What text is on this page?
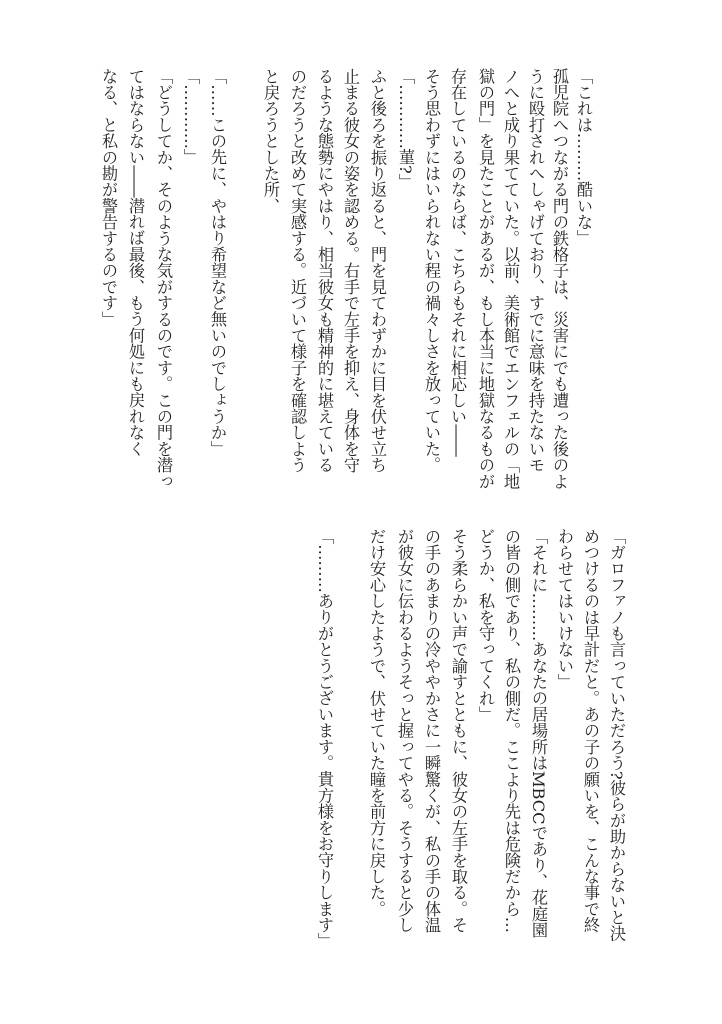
「これは………酷いな」
孤児院へつながる門の鉄格子は、災害にでも遭った後のよ
うに殴打されへしゃげており、すでに意味を持たないモ
ノへと成り果てていた。以前、美術館でエンフェルの「地
獄の門」を見たことがあるが、もし本当に地獄なるものが
存在しているのならば、こちらもそれに相応しい――
そう思わずにはいられない程の禍々しさを放っていた。
「…………菫?」
ふと後ろを振り返ると、門を見てわずかに目を伏せ立ち
止まる彼女の姿を認める。右手で左手を抑え、身体を守
るような態勢にやはり、相当彼女も精神的に堪えている
のだろうと改めて実感する。近づいて様子を確認しよう
と戻ろうとした所、
「……この先に、やはり希望など無いのでしょうか」
「…………」
「どうしてか、そのような気がするのです。この門を潜っ
てはならない――潜れば最後、もう何処にも戻れなく
なる、と私の勘が警告するのです」
「ガロファノも言っていただろう?彼らが助からないと決
めつけるのは早計だと。あの子の願いを、こんな事で終
わらせてはいけない」
「それに………あなたの居場所はMBCCであり、花庭園
の皆の側であり、私の側だ。ここより先は危険だから…
どうか、私を守ってくれ」
そう柔らかい声で諭すとともに、彼女の左手を取る。そ
の手のあまりの冷ややかさに一瞬驚くが、私の手の体温
が彼女に伝わるようそっと握ってやる。そうすると少し
だけ安心したようで、伏せていた瞳を前方に戻した。
「………ありがとうございます。貴方様をお守りします」
